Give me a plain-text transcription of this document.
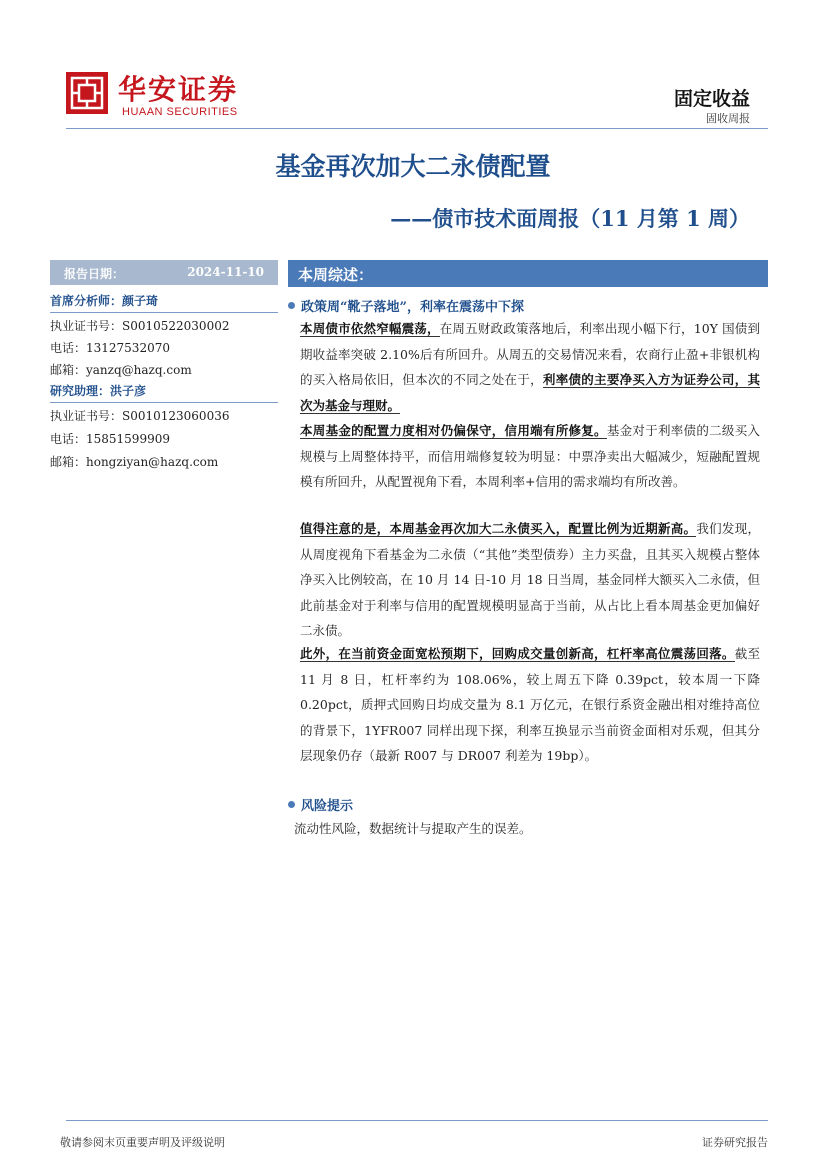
华安证券
HUAAN SECURITIES
固定收益
固收周报
基金再次加大二永债配置
——债市技术面周报（11 月第 1 周）
报告日期：	2024-11-10
首席分析师：颜子琦
执业证书号：S0010522030002
电话：13127532070
邮箱：yanzq@hazq.com
研究助理：洪子彦
执业证书号：S0010123060036
电话：15851599909
邮箱：hongziyan@hazq.com
本周综述：
政策周“靴子落地”，利率在震荡中下探
本周债市依然窄幅震荡，在周五财政政策落地后，利率出现小幅下行，10Y 国债到期收益率突破 2.10%后有所回升。从周五的交易情况来看，农商行止盈+非银机构的买入格局依旧，但本次的不同之处在于，利率债的主要净买入方为证券公司，其次为基金与理财。
本周基金的配置力度相对仍偏保守，信用端有所修复。基金对于利率债的二级买入规模与上周整体持平，而信用端修复较为明显：中票净卖出大幅减少，短融配置规模有所回升，从配置视角下看，本周利率+信用的需求端均有所改善。
值得注意的是，本周基金再次加大二永债买入，配置比例为近期新高。我们发现，从周度视角下看基金为二永债（“其他”类型债券）主力买盘，且其买入规模占整体净买入比例较高，在 10 月 14 日-10 月 18 日当周，基金同样大额买入二永债，但此前基金对于利率与信用的配置规模明显高于当前，从占比上看本周基金更加偏好二永债。
此外，在当前资金面宽松预期下，回购成交量创新高，杠杆率高位震荡回落。截至 11 月 8 日，杠杆率约为 108.06%，较上周五下降 0.39pct，较本周一下降 0.20pct，质押式回购日均成交量为 8.1 万亿元，在银行系资金融出相对维持高位的背景下，1YFR007 同样出现下探，利率互换显示当前资金面相对乐观，但其分层现象仍存（最新 R007 与 DR007 利差为 19bp）。
风险提示
流动性风险，数据统计与提取产生的误差。
敬请参阅末页重要声明及评级说明	证券研究报告
